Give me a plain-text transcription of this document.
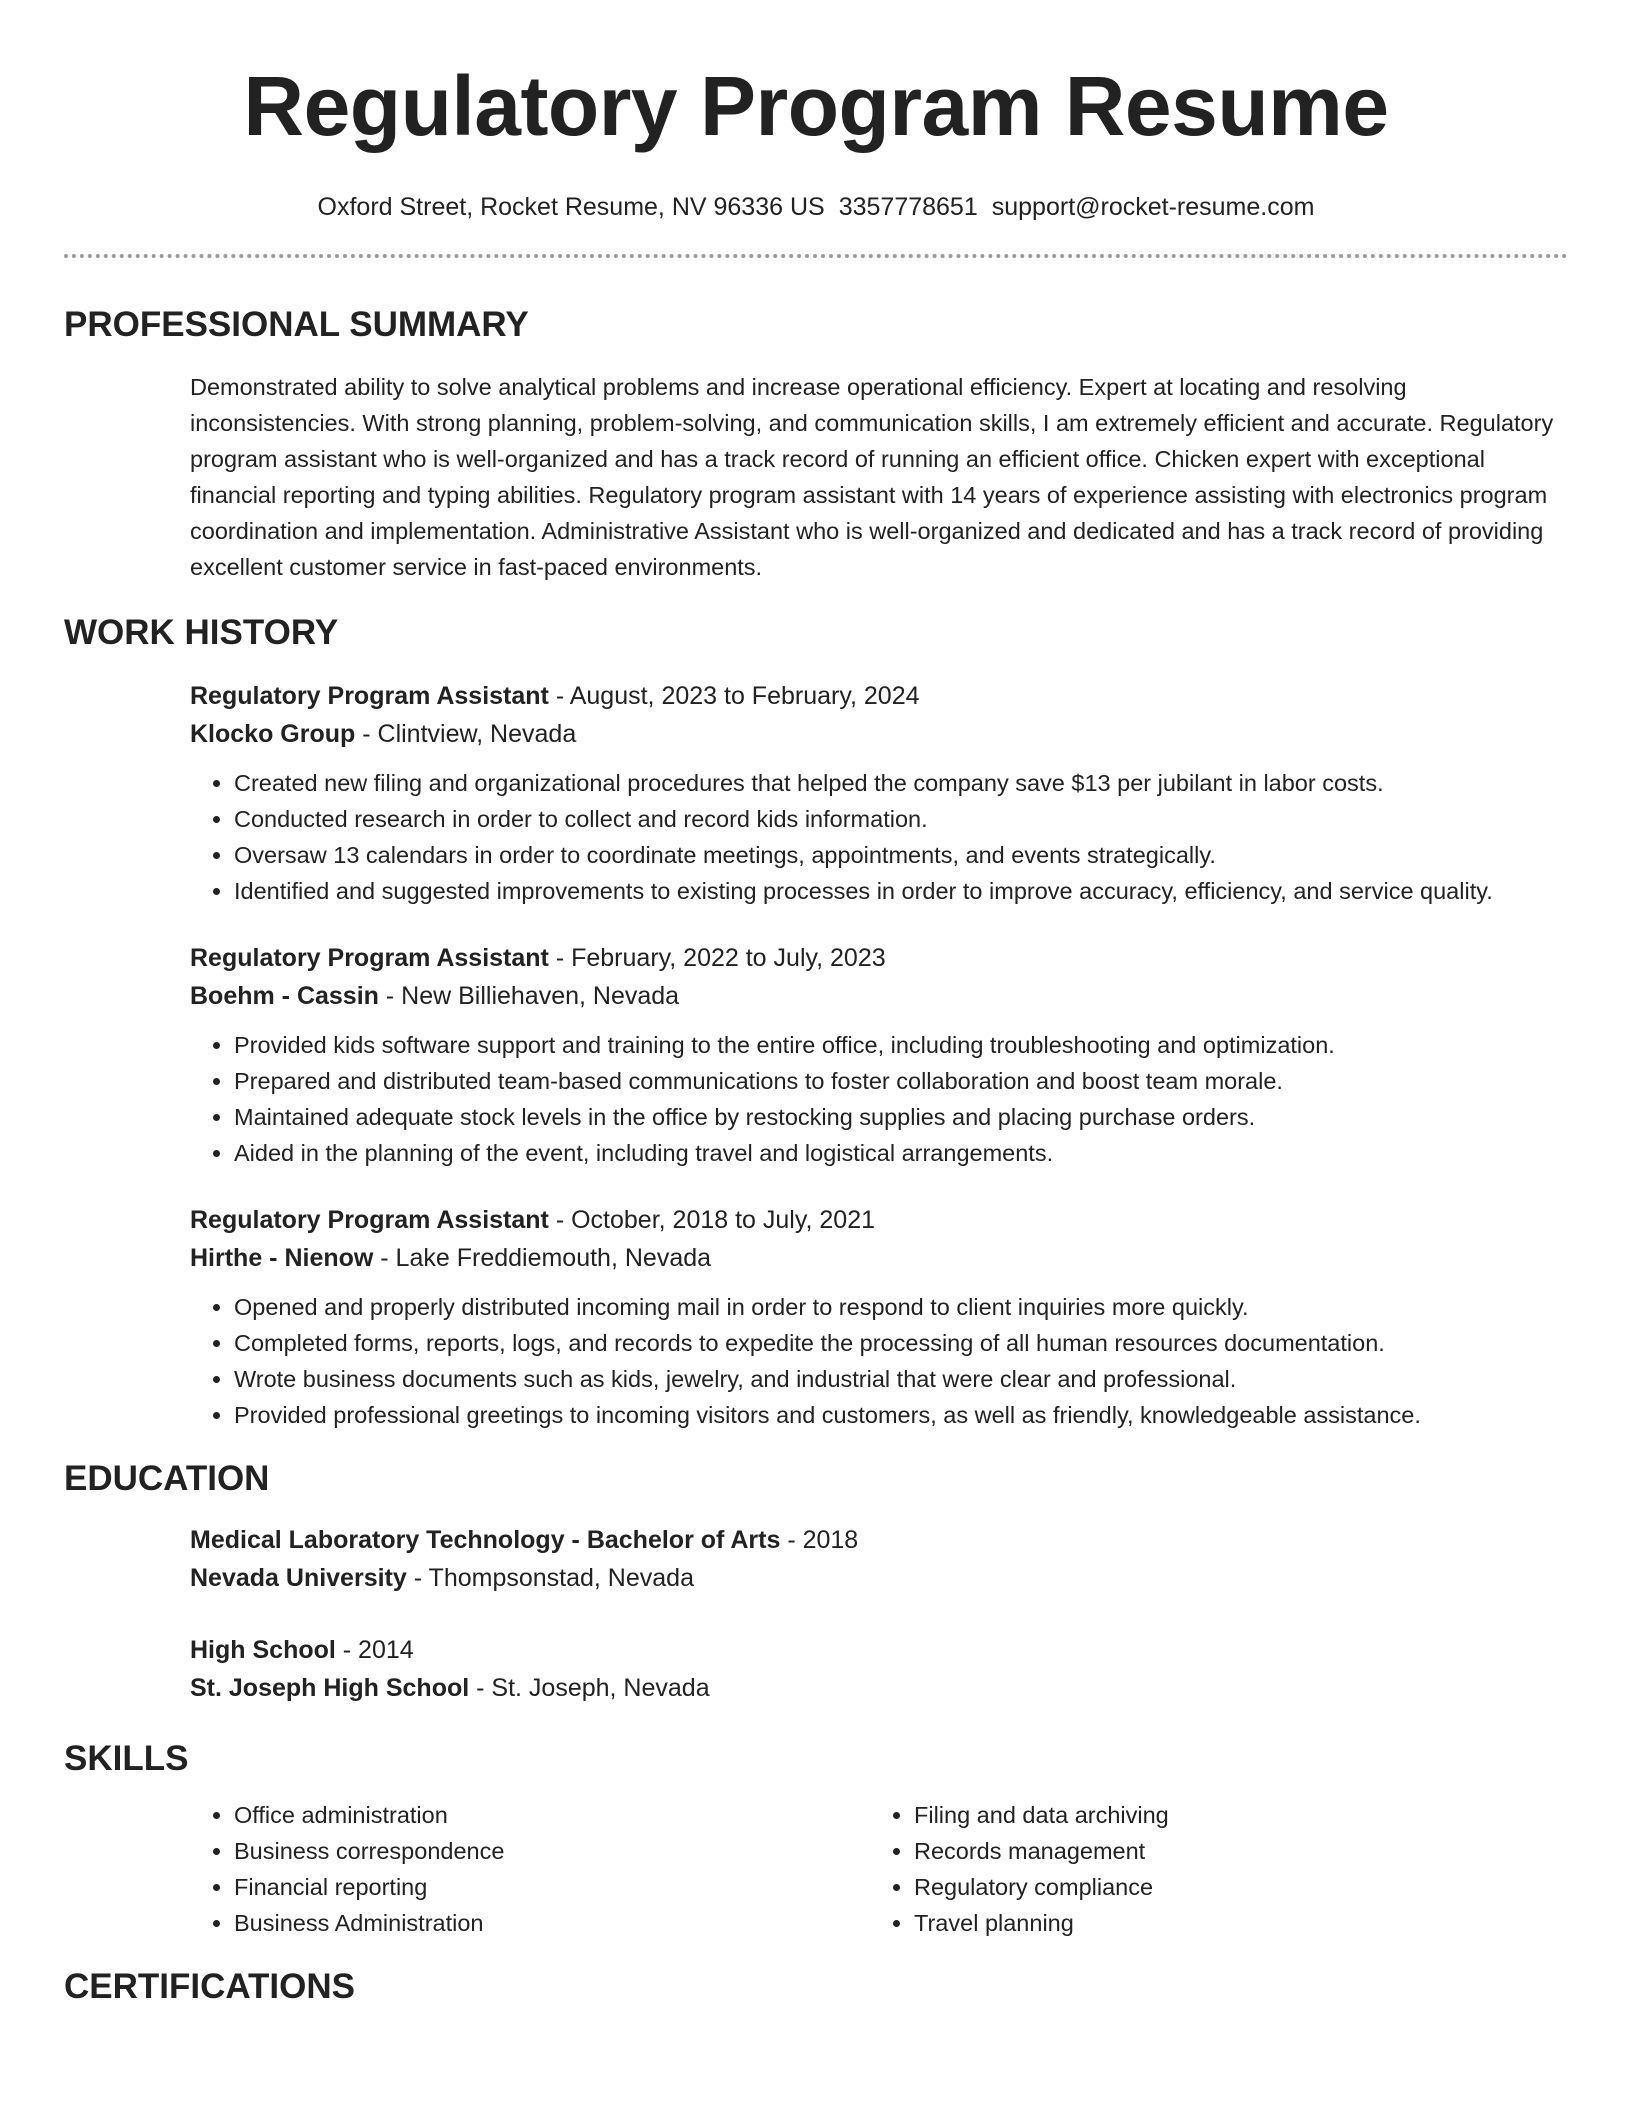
Regulatory Program Resume
Oxford Street, Rocket Resume, NV 96336 US 3357778651 support@rocket-resume.com
PROFESSIONAL SUMMARY
Demonstrated ability to solve analytical problems and increase operational efficiency. Expert at locating and resolving inconsistencies. With strong planning, problem-solving, and communication skills, I am extremely efficient and accurate. Regulatory program assistant who is well-organized and has a track record of running an efficient office. Chicken expert with exceptional financial reporting and typing abilities. Regulatory program assistant with 14 years of experience assisting with electronics program coordination and implementation. Administrative Assistant who is well-organized and dedicated and has a track record of providing excellent customer service in fast-paced environments.
WORK HISTORY
Regulatory Program Assistant - August, 2023 to February, 2024
Klocko Group - Clintview, Nevada
• Created new filing and organizational procedures that helped the company save $13 per jubilant in labor costs.
• Conducted research in order to collect and record kids information.
• Oversaw 13 calendars in order to coordinate meetings, appointments, and events strategically.
• Identified and suggested improvements to existing processes in order to improve accuracy, efficiency, and service quality.
Regulatory Program Assistant - February, 2022 to July, 2023
Boehm - Cassin - New Billiehaven, Nevada
• Provided kids software support and training to the entire office, including troubleshooting and optimization.
• Prepared and distributed team-based communications to foster collaboration and boost team morale.
• Maintained adequate stock levels in the office by restocking supplies and placing purchase orders.
• Aided in the planning of the event, including travel and logistical arrangements.
Regulatory Program Assistant - October, 2018 to July, 2021
Hirthe - Nienow - Lake Freddiemouth, Nevada
• Opened and properly distributed incoming mail in order to respond to client inquiries more quickly.
• Completed forms, reports, logs, and records to expedite the processing of all human resources documentation.
• Wrote business documents such as kids, jewelry, and industrial that were clear and professional.
• Provided professional greetings to incoming visitors and customers, as well as friendly, knowledgeable assistance.
EDUCATION
Medical Laboratory Technology - Bachelor of Arts - 2018
Nevada University - Thompsonstad, Nevada
High School - 2014
St. Joseph High School - St. Joseph, Nevada
SKILLS
• Office administration
• Business correspondence
• Financial reporting
• Business Administration
• Filing and data archiving
• Records management
• Regulatory compliance
• Travel planning
CERTIFICATIONS
